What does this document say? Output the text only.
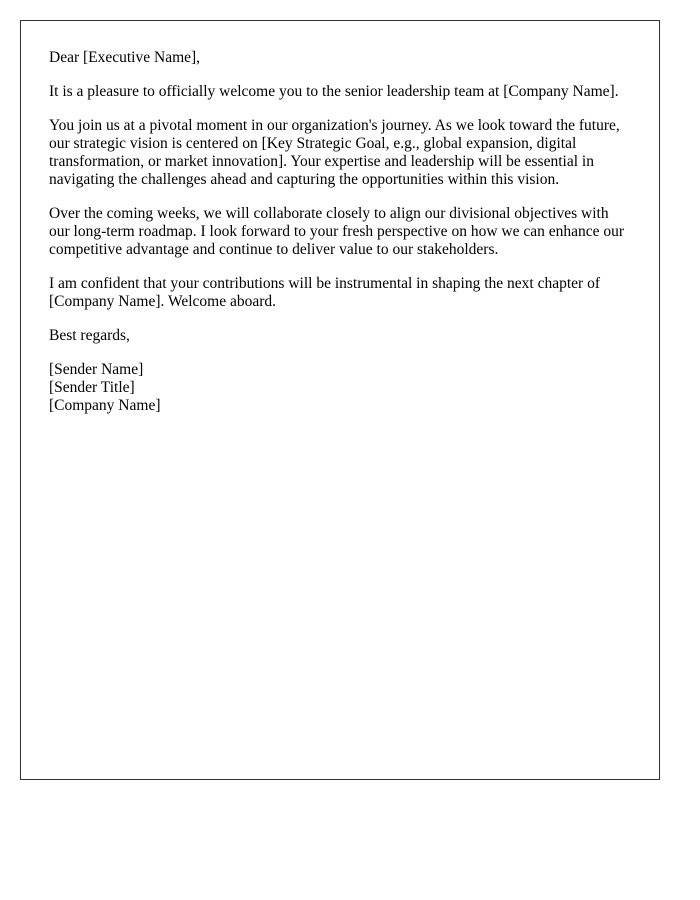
Dear [Executive Name],

It is a pleasure to officially welcome you to the senior leadership team at [Company Name].

You join us at a pivotal moment in our organization's journey. As we look toward the future, our strategic vision is centered on [Key Strategic Goal, e.g., global expansion, digital transformation, or market innovation]. Your expertise and leadership will be essential in navigating the challenges ahead and capturing the opportunities within this vision.

Over the coming weeks, we will collaborate closely to align our divisional objectives with our long-term roadmap. I look forward to your fresh perspective on how we can enhance our competitive advantage and continue to deliver value to our stakeholders.

I am confident that your contributions will be instrumental in shaping the next chapter of [Company Name]. Welcome aboard.

Best regards,

[Sender Name]
[Sender Title]
[Company Name]
